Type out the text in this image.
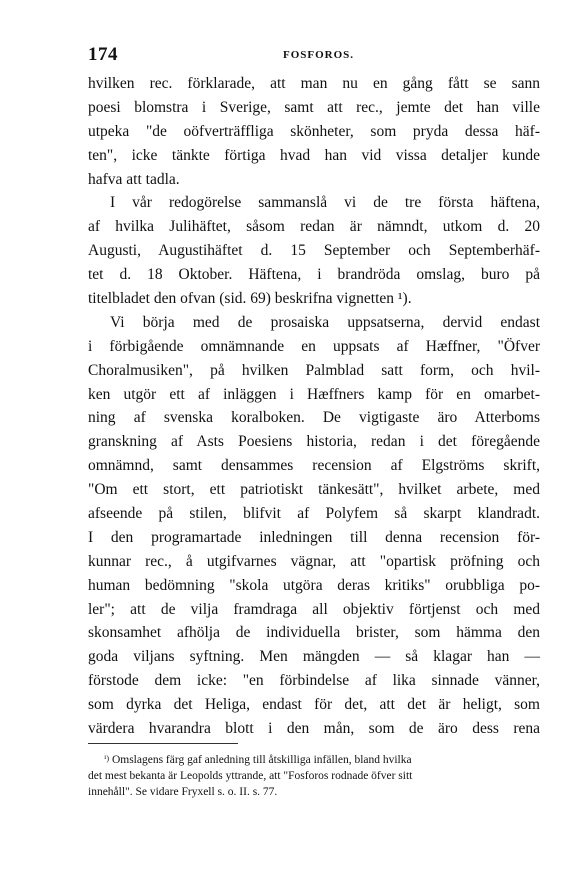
174	FOSFOROS.
hvilken rec. förklarade, att man nu en gång fått se sann
poesi blomstra i Sverige, samt att rec., jemte det han ville
utpeka "de oöfverträffliga skönheter, som pryda dessa häf-
ten", icke tänkte förtiga hvad han vid vissa detaljer kunde
hafva att tadla.
I vår redogörelse sammanslå vi de tre första häftena,
af hvilka Julihäftet, såsom redan är nämndt, utkom d. 20
Augusti, Augustihäftet d. 15 September och Septemberhäf-
tet d. 18 Oktober. Häftena, i brandröda omslag, buro på
titelbladet den ofvan (sid. 69) beskrifna vignetten ¹).
Vi börja med de prosaiska uppsatserna, dervid endast
i förbigående omnämnande en uppsats af Hæffner, "Öfver
Choralmusiken", på hvilken Palmblad satt form, och hvil-
ken utgör ett af inläggen i Hæffners kamp för en omarbet-
ning af svenska koralboken. De vigtigaste äro Atterboms
granskning af Asts Poesiens historia, redan i det föregående
omnämnd, samt densammes recension af Elgströms skrift,
"Om ett stort, ett patriotiskt tänkesätt", hvilket arbete, med
afseende på stilen, blifvit af Polyfem så skarpt klandradt.
I den programartade inledningen till denna recension för-
kunnar rec., å utgifvarnes vägnar, att "opartisk pröfning och
human bedömning "skola utgöra deras kritiks" orubbliga po-
ler"; att de vilja framdraga all objektiv förtjenst och med
skonsamhet afhölja de individuella brister, som hämma den
goda viljans syftning. Men mängden — så klagar han —
förstode dem icke: "en förbindelse af lika sinnade vänner,
som dyrka det Heliga, endast för det, att det är heligt, som
värdera hvarandra blott i den mån, som de äro dess rena
$^{^1)}$ Omslagens färg gaf anledning till åtskilliga infällen, bland hvilka
det mest bekanta är Leopolds yttrande, att "Fosforos rodnade öfver sitt
innehåll". Se vidare Fryxell s. o. II. s. 77.
